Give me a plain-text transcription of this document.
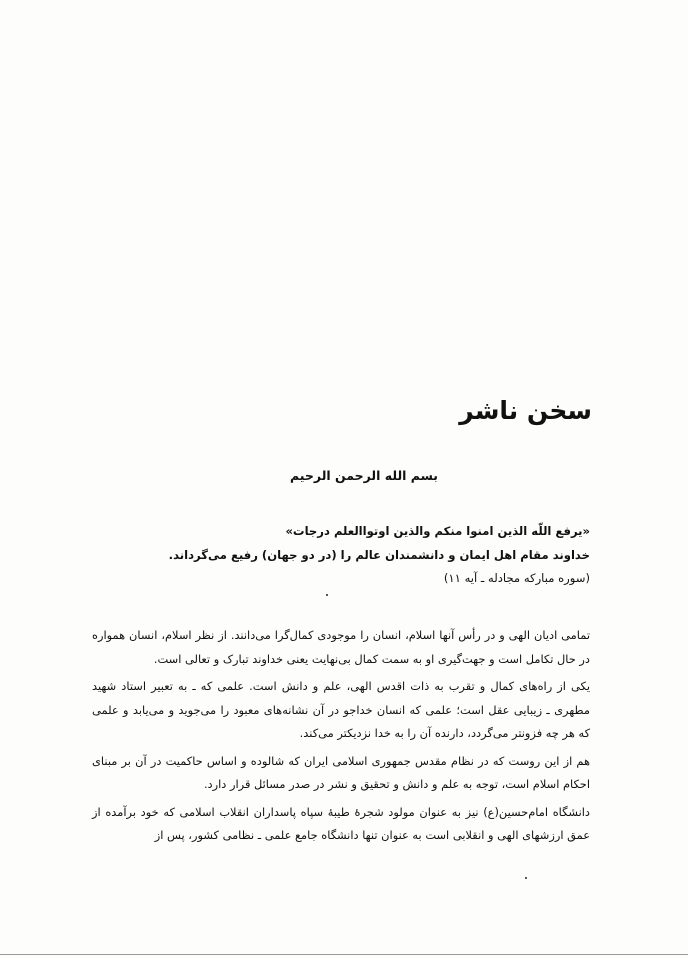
سخن ناشر
بسم الله الرحمن الرحیم
«یرفع اللّه الذین امنوا منکم والذین اوتواالعلم درجات»
خداوند مقام اهل ایمان و دانشمندان عالم را (در دو جهان) رفیع می‌گرداند.
(سوره مبارکه مجادله ـ آیه ۱۱)

تمامی ادیان الهی و در رأس آنها اسلام، انسان را موجودی کمال‌گرا می‌دانند. از نظر اسلام، انسان همواره در حال تکامل است و جهت‌گیری او به سمت کمال بی‌نهایت یعنی خداوند تبارک و تعالی است.

یکی از راه‌های کمال و تقرب به ذات اقدس الهی، علم و دانش است. علمی که ـ به تعبیر استاد شهید مطهری ـ زیبایی عقل است؛ علمی که انسان خداجو در آن نشانه‌های معبود را می‌جوید و می‌یابد و علمی که هر چه فزونتر می‌گردد، دارنده آن را به خدا نزدیکتر می‌کند.

هم از این روست که در نظام مقدس جمهوری اسلامی ایران که شالوده و اساس حاکمیت در آن بر مبنای احکام اسلام است، توجه به علم و دانش و تحقیق و نشر در صدر مسائل قرار دارد.

دانشگاه امام‌حسین(ع) نیز به عنوان مولود شجرهٔ طیبهٔ سپاه پاسداران انقلاب اسلامی که خود برآمده از عمق ارزشهای الهی و انقلابی است به عنوان تنها دانشگاه جامع علمی ـ نظامی کشور، پس از
